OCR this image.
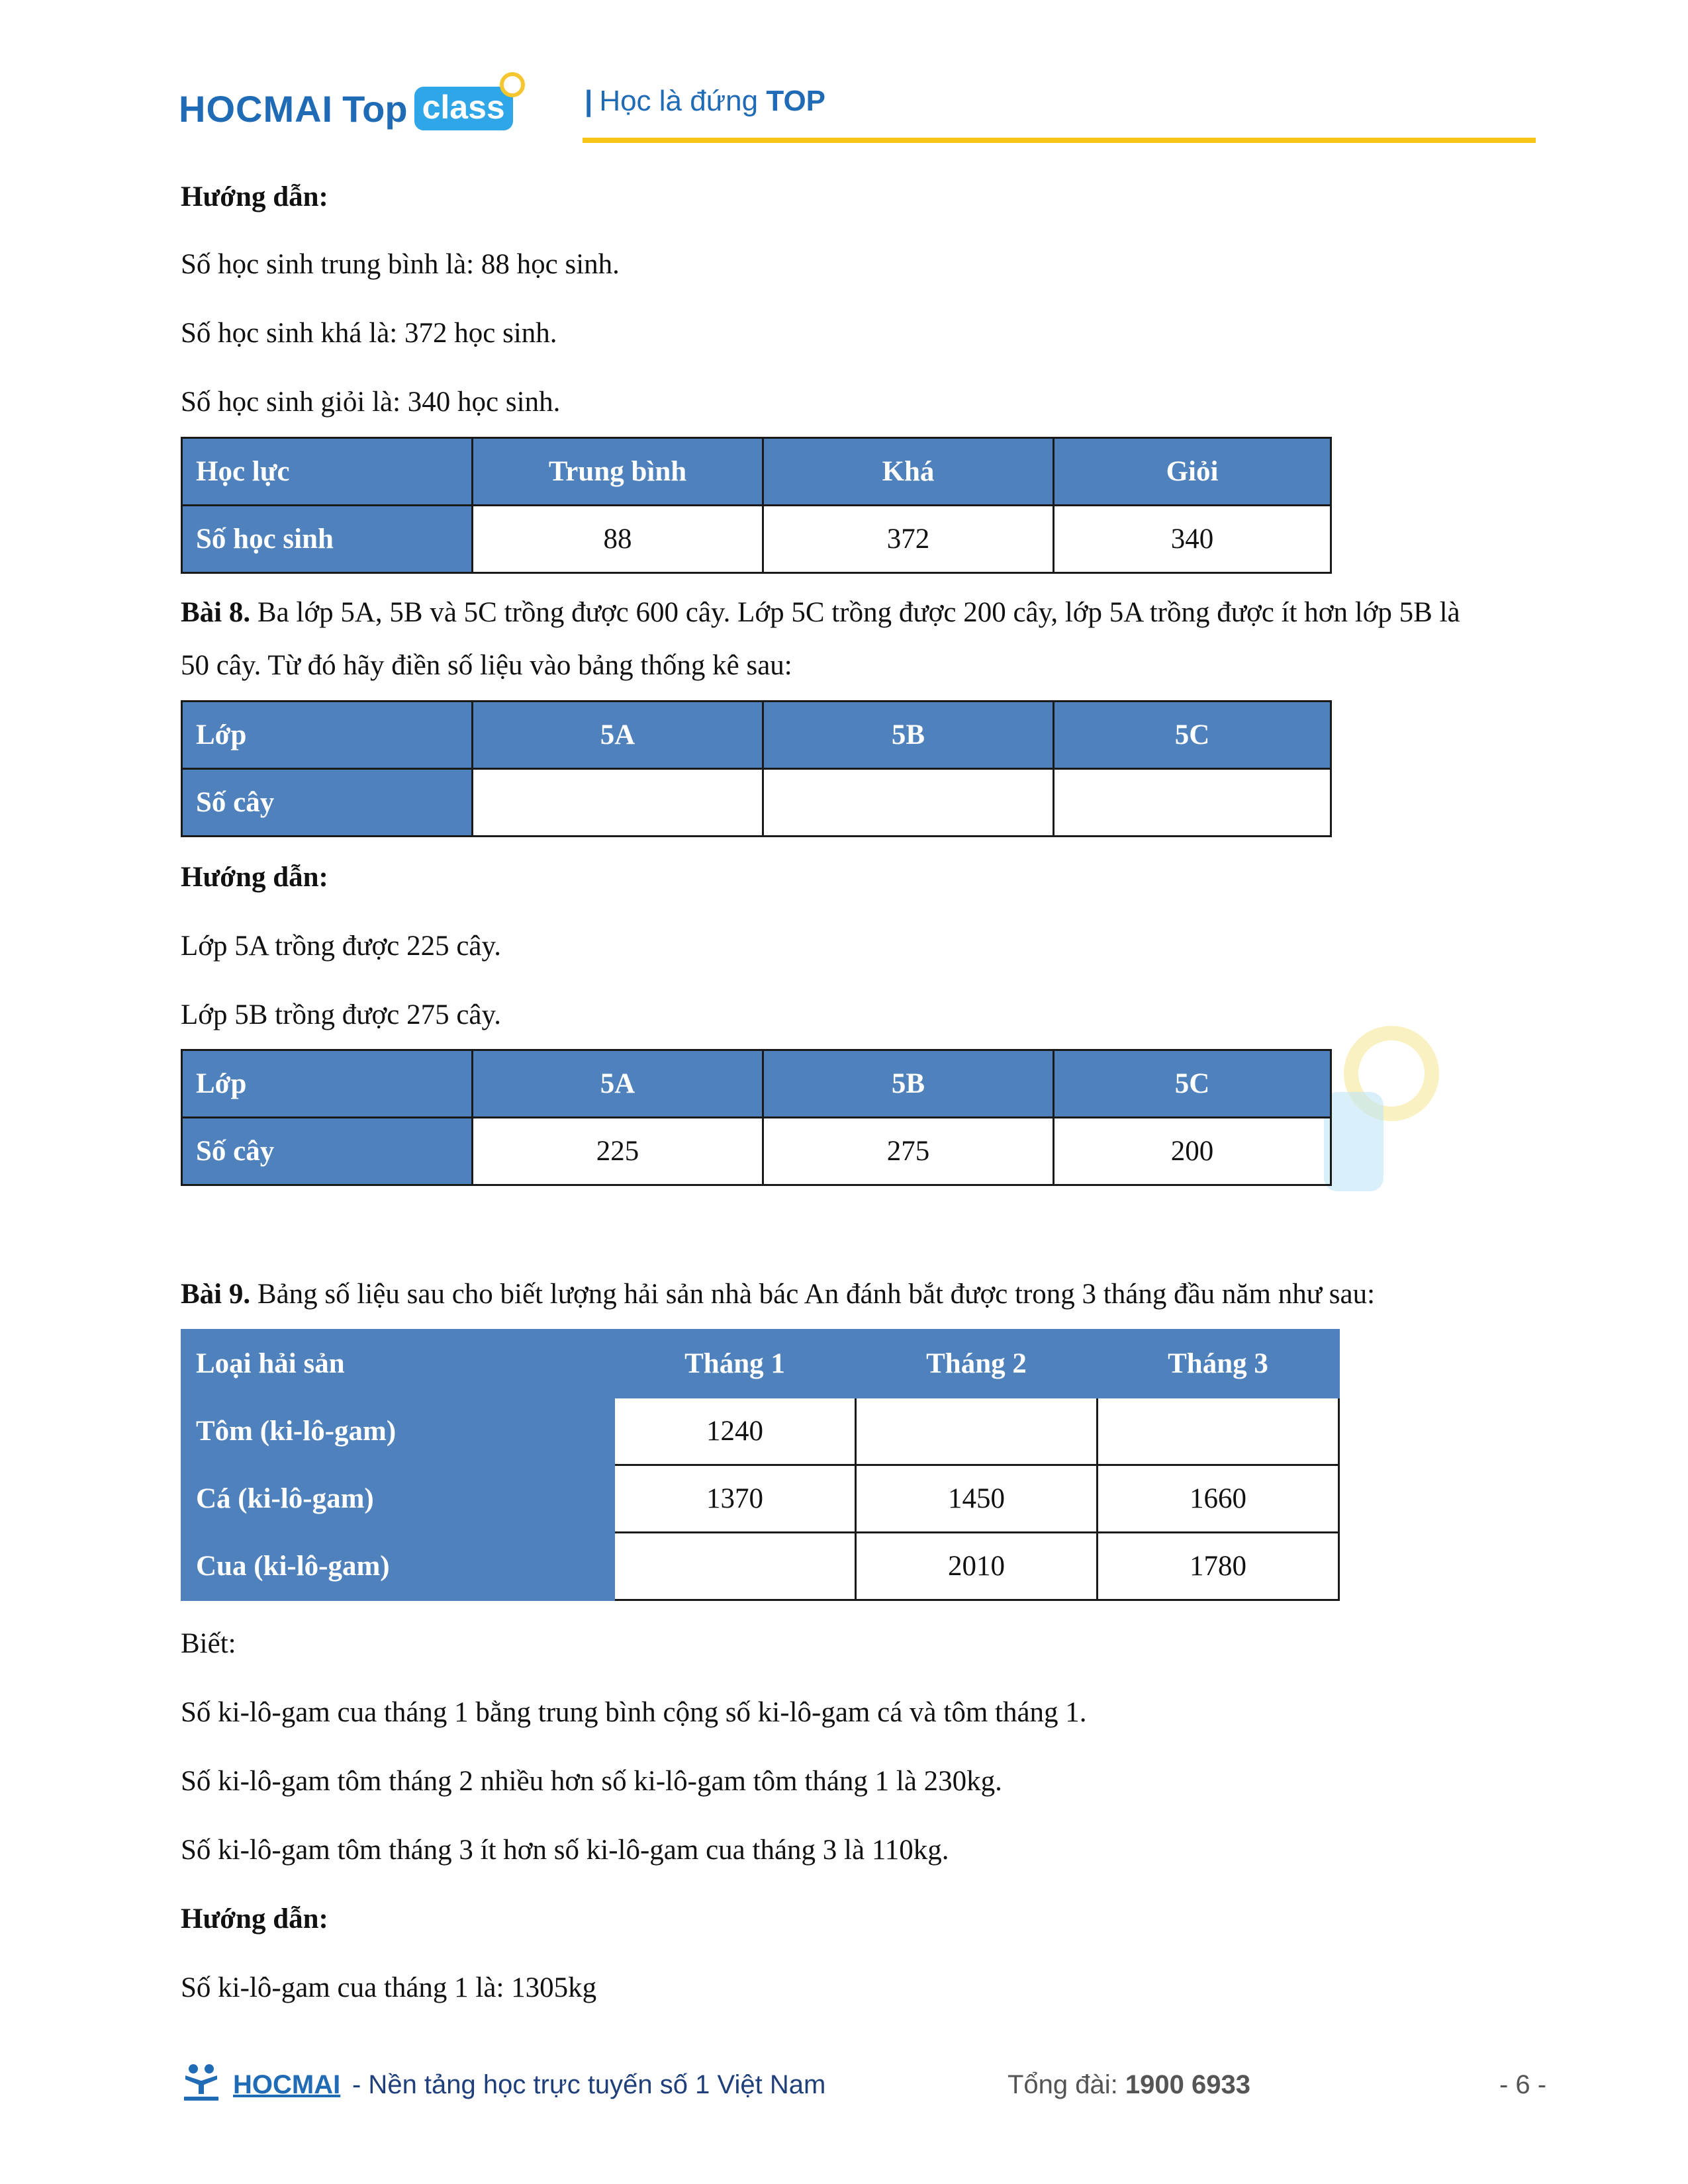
HOCMAI Top class	| Học là đứng TOP
Hướng dẫn:
Số học sinh trung bình là: 88 học sinh.
Số học sinh khá là: 372 học sinh.
Số học sinh giỏi là: 340 học sinh.
Học lực	Trung bình	Khá	Giỏi
Số học sinh	88	372	340
Bài 8. Ba lớp 5A, 5B và 5C trồng được 600 cây. Lớp 5C trồng được 200 cây, lớp 5A trồng được ít hơn lớp 5B là 50 cây. Từ đó hãy điền số liệu vào bảng thống kê sau:
Lớp	5A	5B	5C
Số cây			
Hướng dẫn:
Lớp 5A trồng được 225 cây.
Lớp 5B trồng được 275 cây.
Lớp	5A	5B	5C
Số cây	225	275	200
Bài 9. Bảng số liệu sau cho biết lượng hải sản nhà bác An đánh bắt được trong 3 tháng đầu năm như sau:
Loại hải sản	Tháng 1	Tháng 2	Tháng 3
Tôm (ki-lô-gam)	1240		
Cá (ki-lô-gam)	1370	1450	1660
Cua (ki-lô-gam)		2010	1780
Biết:
Số ki-lô-gam cua tháng 1 bằng trung bình cộng số ki-lô-gam cá và tôm tháng 1.
Số ki-lô-gam tôm tháng 2 nhiều hơn số ki-lô-gam tôm tháng 1 là 230kg.
Số ki-lô-gam tôm tháng 3 ít hơn số ki-lô-gam cua tháng 3 là 110kg.
Hướng dẫn:
Số ki-lô-gam cua tháng 1 là: 1305kg
HOCMAI - Nền tảng học trực tuyến số 1 Việt Nam	Tổng đài: 1900 6933	- 6 -
